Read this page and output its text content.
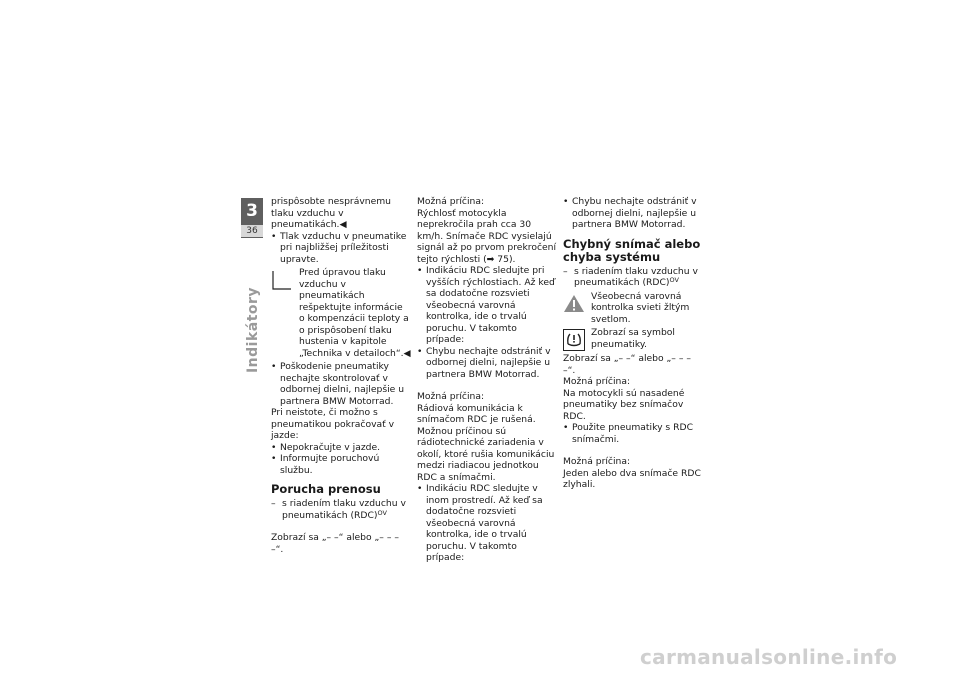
3
36
Indikátory

prispôsobte nesprávnemu tlaku vzduchu v pneumatikách.◀

• Tlak vzduchu v pneumatike pri najbližšej príležitosti upravte.
Pred úpravou tlaku vzduchu v pneumatikách rešpektujte informácie o kompenzácii teploty a o prispôsobení tlaku hustenia v kapitole „Technika v detailoch“.◀
• Poškodenie pneumatiky nechajte skontrolovať v odbornej dielni, najlepšie u partnera BMW Motorrad.

Pri neistote, či možno s pneumatikou pokračovať v jazde:

• Nepokračujte v jazde.
• Informujte poruchovú službu.
Porucha prenosu
– s riadením tlaku vzduchu v pneumatikách (RDC)$^{OV}$

Zobrazí sa „– –“ alebo „– – – –“.

Možná príčina:

Rýchlosť motocykla neprekročila prah cca 30 km/h. Snímače RDC vysielajú signál až po prvom prekročení tejto rýchlosti (➡ 75).

• Indikáciu RDC sledujte pri vyšších rýchlostiach. Až keď sa dodatočne rozsvieti všeobecná varovná kontrolka, ide o trvalú poruchu. V takomto prípade:
• Chybu nechajte odstrániť v odbornej dielni, najlepšie u partnera BMW Motorrad.

Možná príčina:

Rádiová komunikácia k snímačom RDC je rušená. Možnou príčinou sú rádiotechnické zariadenia v okolí, ktoré rušia komunikáciu medzi riadiacou jednotkou RDC a snímačmi.

• Indikáciu RDC sledujte v inom prostredí. Až keď sa dodatočne rozsvieti všeobecná varovná kontrolka, ide o trvalú poruchu. V takomto prípade:
• Chybu nechajte odstrániť v odbornej dielni, najlepšie u partnera BMW Motorrad.
Chybný snímač alebo chyba systému
– s riadením tlaku vzduchu v pneumatikách (RDC)$^{OV}$
Všeobecná varovná kontrolka svieti žltým svetlom.
Zobrazí sa symbol pneumatiky.

Zobrazí sa „– –“ alebo „– – – –“.

Možná príčina:

Na motocykli sú nasadené pneumatiky bez snímačov RDC.

• Použite pneumatiky s RDC snímačmi.

Možná príčina:

Jeden alebo dva snímače RDC zlyhali.

carmanualsonline.info
